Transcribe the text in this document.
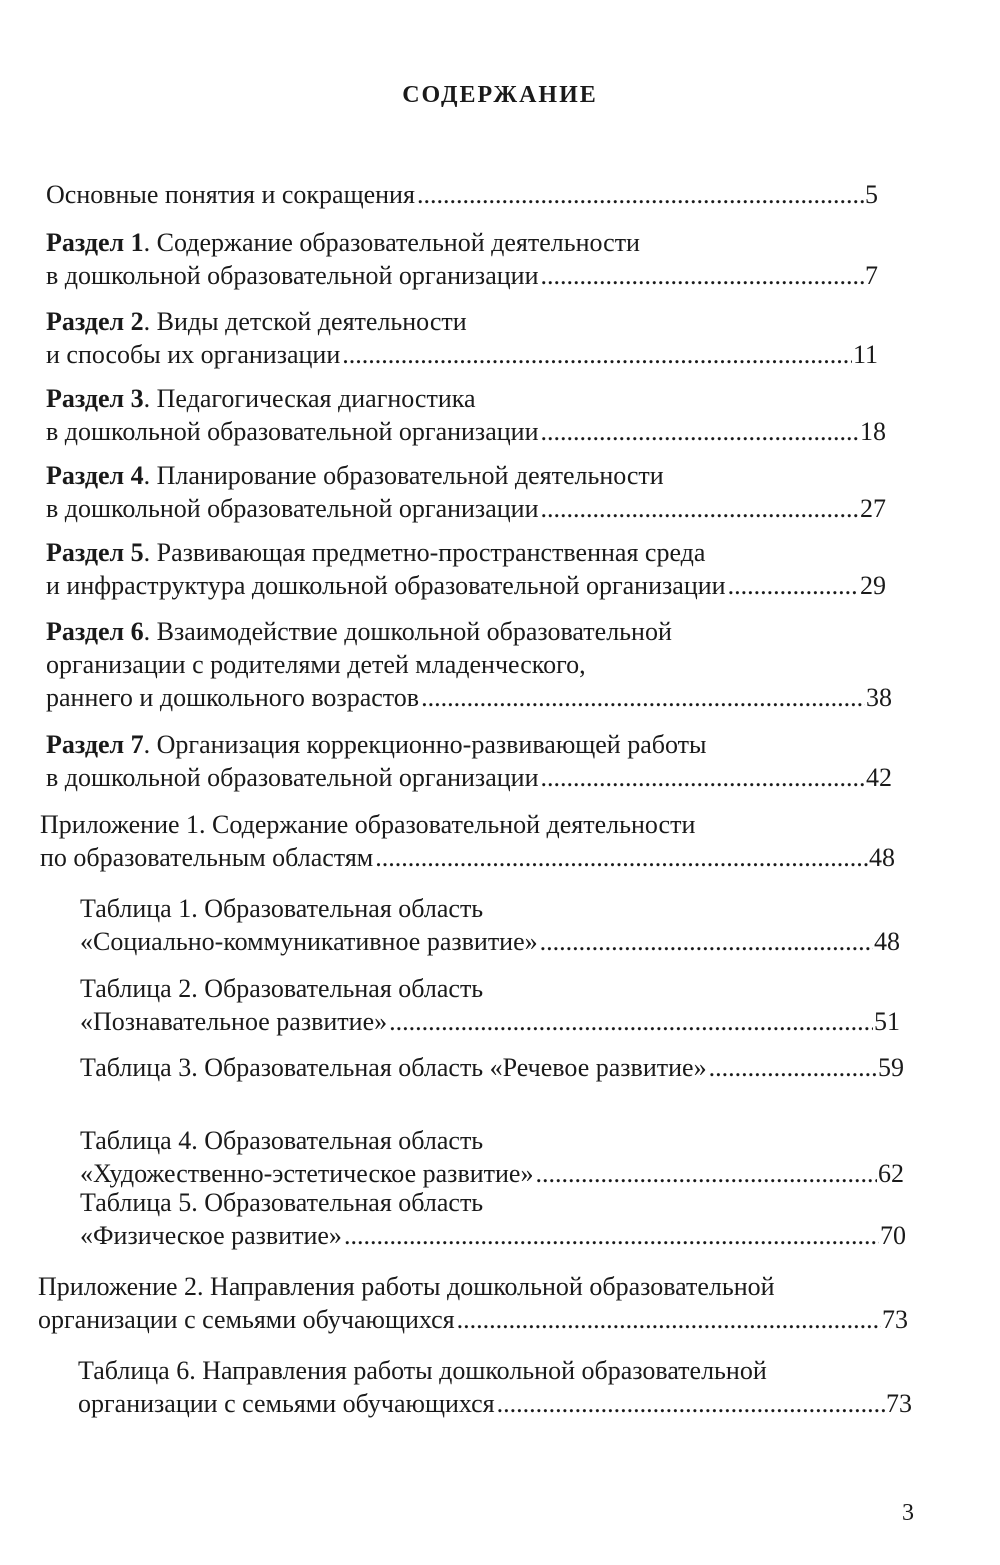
СОДЕРЖАНИЕ
Основные понятия и сокращения .....	5
Раздел 1. Содержание образовательной деятельности
в дошкольной образовательной организации .....	7
Раздел 2. Виды детской деятельности
и способы их организации .....	11
Раздел 3. Педагогическая диагностика
в дошкольной образовательной организации .....	18
Раздел 4. Планирование образовательной деятельности
в дошкольной образовательной организации .....	27
Раздел 5. Развивающая предметно-пространственная среда
и инфраструктура дошкольной образовательной организации .....	29
Раздел 6. Взаимодействие дошкольной образовательной
организации с родителями детей младенческого,
раннего и дошкольного возрастов .....	38
Раздел 7. Организация коррекционно-развивающей работы
в дошкольной образовательной организации .....	42
Приложение 1. Содержание образовательной деятельности
по образовательным областям .....	48
Таблица 1. Образовательная область
«Социально-коммуникативное развитие» .....	48
Таблица 2. Образовательная область
«Познавательное развитие» .....	51
Таблица 3. Образовательная область «Речевое развитие» .....	59
Таблица 4. Образовательная область
«Художественно-эстетическое развитие» .....	62
Таблица 5. Образовательная область
«Физическое развитие» .....	70
Приложение 2. Направления работы дошкольной образовательной
организации с семьями обучающихся .....	73
Таблица 6. Направления работы дошкольной образовательной
организации с семьями обучающихся .....	73
3
